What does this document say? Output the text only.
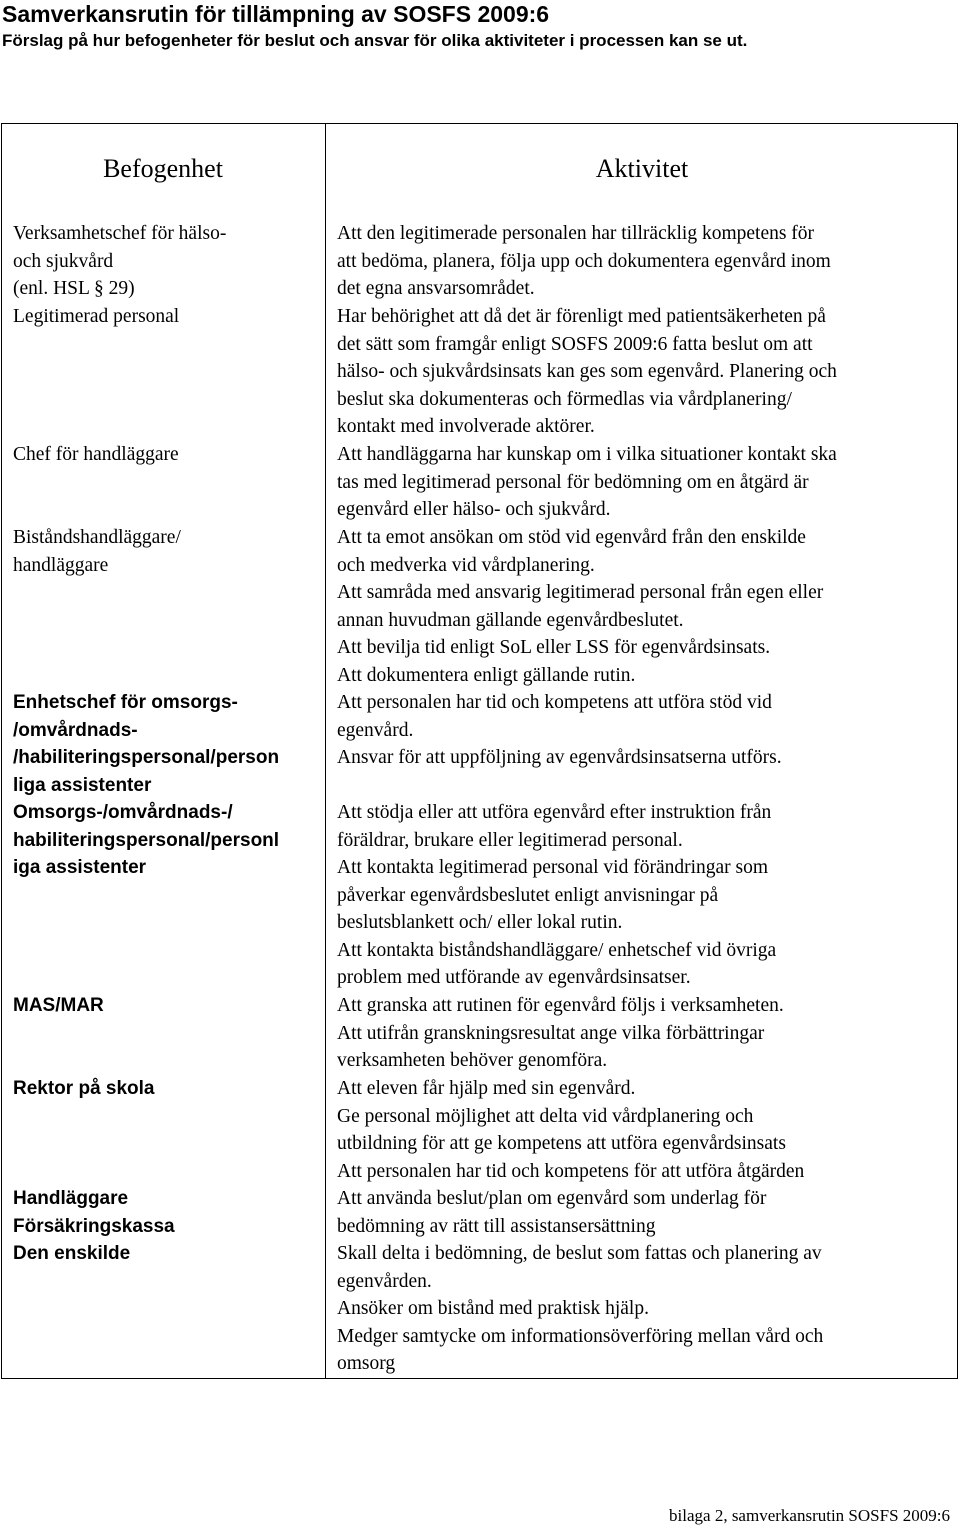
Samverkansrutin för tillämpning av SOSFS 2009:6
Förslag på hur befogenheter för beslut och ansvar för olika aktiviteter i processen kan se ut.
Befogenhet	Aktivitet
Verksamhetschef för hälso-
och sjukvård
(enl. HSL § 29)
Legitimerad personal
Chef för handläggare
Biståndshandläggare/
handläggare
Enhetschef för omsorgs-
/omvårdnads-
/habiliteringspersonal/person
liga assistenter
Omsorgs-/omvårdnads-/
habiliteringspersonal/personl
iga assistenter
MAS/MAR
Rektor på skola
Handläggare
Försäkringskassa
Den enskilde
Att den legitimerade personalen har tillräcklig kompetens för
att bedöma, planera, följa upp och dokumentera egenvård inom
det egna ansvarsområdet.
Har behörighet att då det är förenligt med patientsäkerheten på
det sätt som framgår enligt SOSFS 2009:6 fatta beslut om att
hälso- och sjukvårdsinsats kan ges som egenvård. Planering och
beslut ska dokumenteras och förmedlas via vårdplanering/
kontakt med involverade aktörer.
Att handläggarna har kunskap om i vilka situationer kontakt ska
tas med legitimerad personal för bedömning om en åtgärd är
egenvård eller hälso- och sjukvård.
Att ta emot ansökan om stöd vid egenvård från den enskilde
och medverka vid vårdplanering.
Att samråda med ansvarig legitimerad personal från egen eller
annan huvudman gällande egenvårdbeslutet.
Att bevilja tid enligt SoL eller LSS för egenvårdsinsats.
Att dokumentera enligt gällande rutin.
Att personalen har tid och kompetens att utföra stöd vid
egenvård.
Ansvar för att uppföljning av egenvårdsinsatserna utförs.
Att stödja eller att utföra egenvård efter instruktion från
föräldrar, brukare eller legitimerad personal.
Att kontakta legitimerad personal vid förändringar som
påverkar egenvårdsbeslutet enligt anvisningar på
beslutsblankett och/ eller lokal rutin.
Att kontakta biståndshandläggare/ enhetschef vid övriga
problem med utförande av egenvårdsinsatser.
Att granska att rutinen för egenvård följs i verksamheten.
Att utifrån granskningsresultat ange vilka förbättringar
verksamheten behöver genomföra.
Att eleven får hjälp med sin egenvård.
Ge personal möjlighet att delta vid vårdplanering och
utbildning för att ge kompetens att utföra egenvårdsinsats
Att personalen har tid och kompetens för att utföra åtgärden
Att använda beslut/plan om egenvård som underlag för
bedömning av rätt till assistansersättning
Skall delta i bedömning, de beslut som fattas och planering av
egenvården.
Ansöker om bistånd med praktisk hjälp.
Medger samtycke om informationsöverföring mellan vård och
omsorg
bilaga 2, samverkansrutin SOSFS 2009:6
